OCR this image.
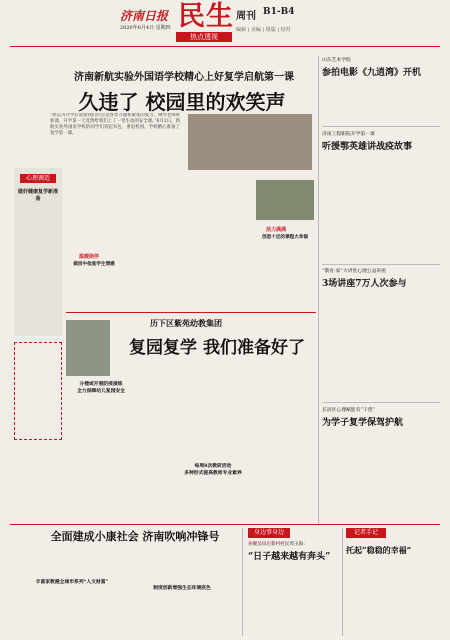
济南日报
2020年6月4日 星期四 民生
热点透视
周刊 B1-B4
编辑 | 美编 | 组版 | 校对
济南新航实验外国语学校精心上好复学启航第一课
久违了 校园里的欢笑声
“原以为开学后迎接我们的会是各类习题和紧张的复习，钢琴老师讲新课，开学第一天竟然给我们上了一堂生动的安全课。”6月2日，新航实验外国语学校的同学们背起书包，重返校园，学校精心准备了复学第一课。
心理调适
做好健康复学新准备
温暖陪伴
做回中他复学生情感
活力满满
创造十足的课程大幸福
历下区紫苑幼教集团
复园复学 我们准备好了
分楼或开展防疫演练
全力保障幼儿复园安全
每周8次教研活动
多种形式提高教师专业素养
山东艺术学院
参拍电影《九逍湾》开机
济南工程职院开学第一课
听援鄂英雄讲战疫故事
“教育·家”大讲堂心理公益讲座
3场讲座7万人次参与
长清区心理赋能有“干货”
为学子复学保驾护航
全面建成小康社会 济南吹响冲锋号
丰富家教健全城市系列“人文财富”
制度创新增强生态环境底色
身边事身边
孙聚吴田庄新村村民周玉海：
“日子越来越有奔头”
记者手记
托起“稳稳的幸福”
